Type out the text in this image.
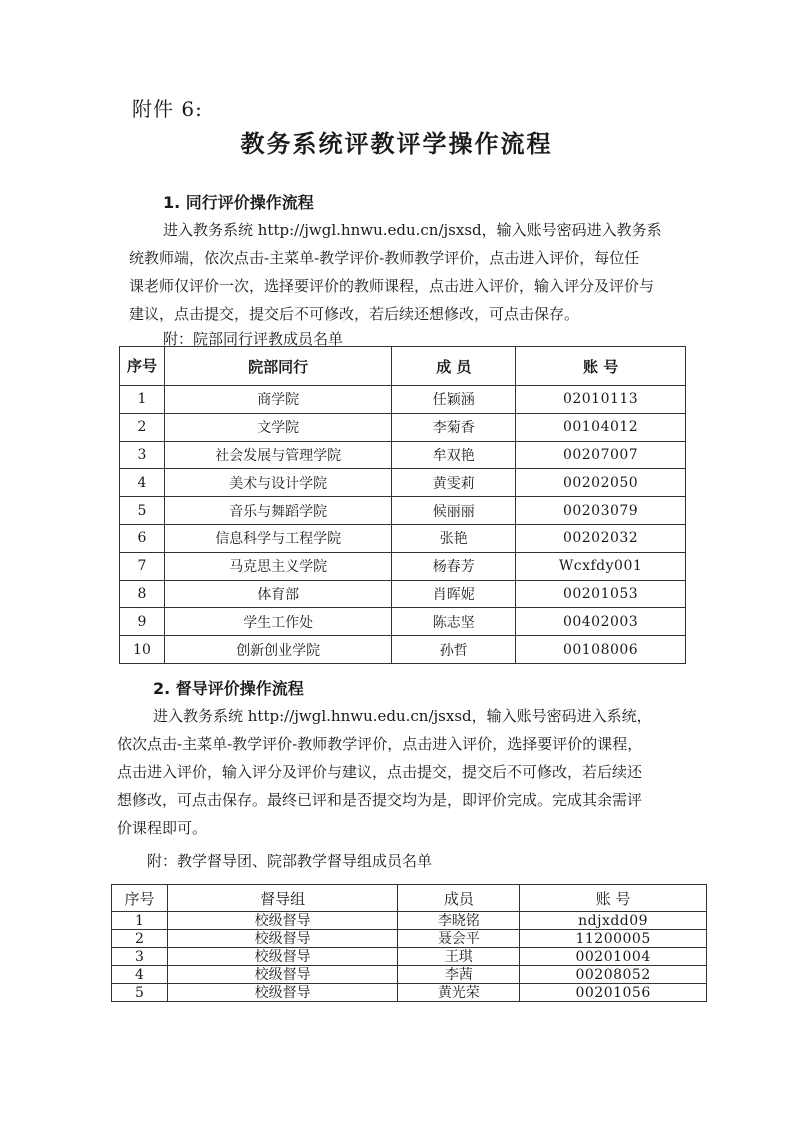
附件 6:
教务系统评教评学操作流程
1. 同行评价操作流程

进入教务系统 http://jwgl.hnwu.edu.cn/jsxsd，输入账号密码进入教务系

统教师端，依次点击-主菜单-教学评价-教师教学评价，点击进入评价，每位任

课老师仅评价一次，选择要评价的教师课程，点击进入评价，输入评分及评价与

建议，点击提交，提交后不可修改，若后续还想修改，可点击保存。

附：院部同行评教成员名单
序号	院部同行	成 员	账 号
1	商学院	任颖涵	02010113
2	文学院	李菊香	00104012
3	社会发展与管理学院	牟双艳	00207007
4	美术与设计学院	黄雯莉	00202050
5	音乐与舞蹈学院	候丽丽	00203079
6	信息科学与工程学院	张艳	00202032
7	马克思主义学院	杨春芳	Wcxfdy001
8	体育部	肖晖妮	00201053
9	学生工作处	陈志坚	00402003
10	创新创业学院	孙哲	00108006
2. 督导评价操作流程

进入教务系统 http://jwgl.hnwu.edu.cn/jsxsd，输入账号密码进入系统，

依次点击-主菜单-教学评价-教师教学评价，点击进入评价，选择要评价的课程，

点击进入评价，输入评分及评价与建议，点击提交，提交后不可修改，若后续还

想修改，可点击保存。最终已评和是否提交均为是，即评价完成。完成其余需评

价课程即可。

附：教学督导团、院部教学督导组成员名单
序号	督导组	成员	账 号
1	校级督导	李晓铭	ndjxdd09
2	校级督导	聂会平	11200005
3	校级督导	王琪	00201004
4	校级督导	李茜	00208052
5	校级督导	黄光荣	00201056
